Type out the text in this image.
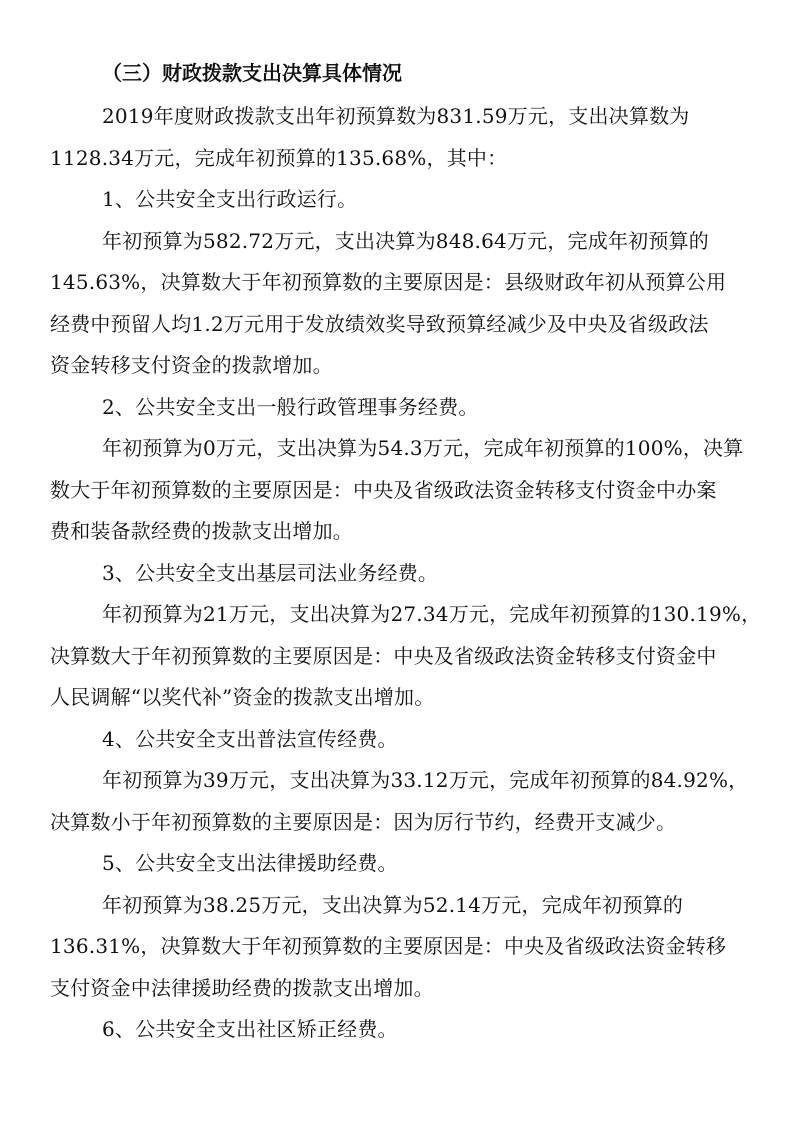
（三）财政拨款支出决算具体情况
2019年度财政拨款支出年初预算数为831.59万元，支出决算数为
1128.34万元，完成年初预算的135.68%，其中：
1、公共安全支出行政运行。
年初预算为582.72万元，支出决算为848.64万元，完成年初预算的
145.63%，决算数大于年初预算数的主要原因是：县级财政年初从预算公用
经费中预留人均1.2万元用于发放绩效奖导致预算经减少及中央及省级政法
资金转移支付资金的拨款增加。
2、公共安全支出一般行政管理事务经费。
年初预算为0万元，支出决算为54.3万元，完成年初预算的100%，决算
数大于年初预算数的主要原因是：中央及省级政法资金转移支付资金中办案
费和装备款经费的拨款支出增加。
3、公共安全支出基层司法业务经费。
年初预算为21万元，支出决算为27.34万元，完成年初预算的130.19%，
决算数大于年初预算数的主要原因是：中央及省级政法资金转移支付资金中
人民调解“以奖代补”资金的拨款支出增加。
4、公共安全支出普法宣传经费。
年初预算为39万元，支出决算为33.12万元，完成年初预算的84.92%，
决算数小于年初预算数的主要原因是：因为厉行节约，经费开支减少。
5、公共安全支出法律援助经费。
年初预算为38.25万元，支出决算为52.14万元，完成年初预算的
136.31%，决算数大于年初预算数的主要原因是：中央及省级政法资金转移
支付资金中法律援助经费的拨款支出增加。
6、公共安全支出社区矫正经费。
